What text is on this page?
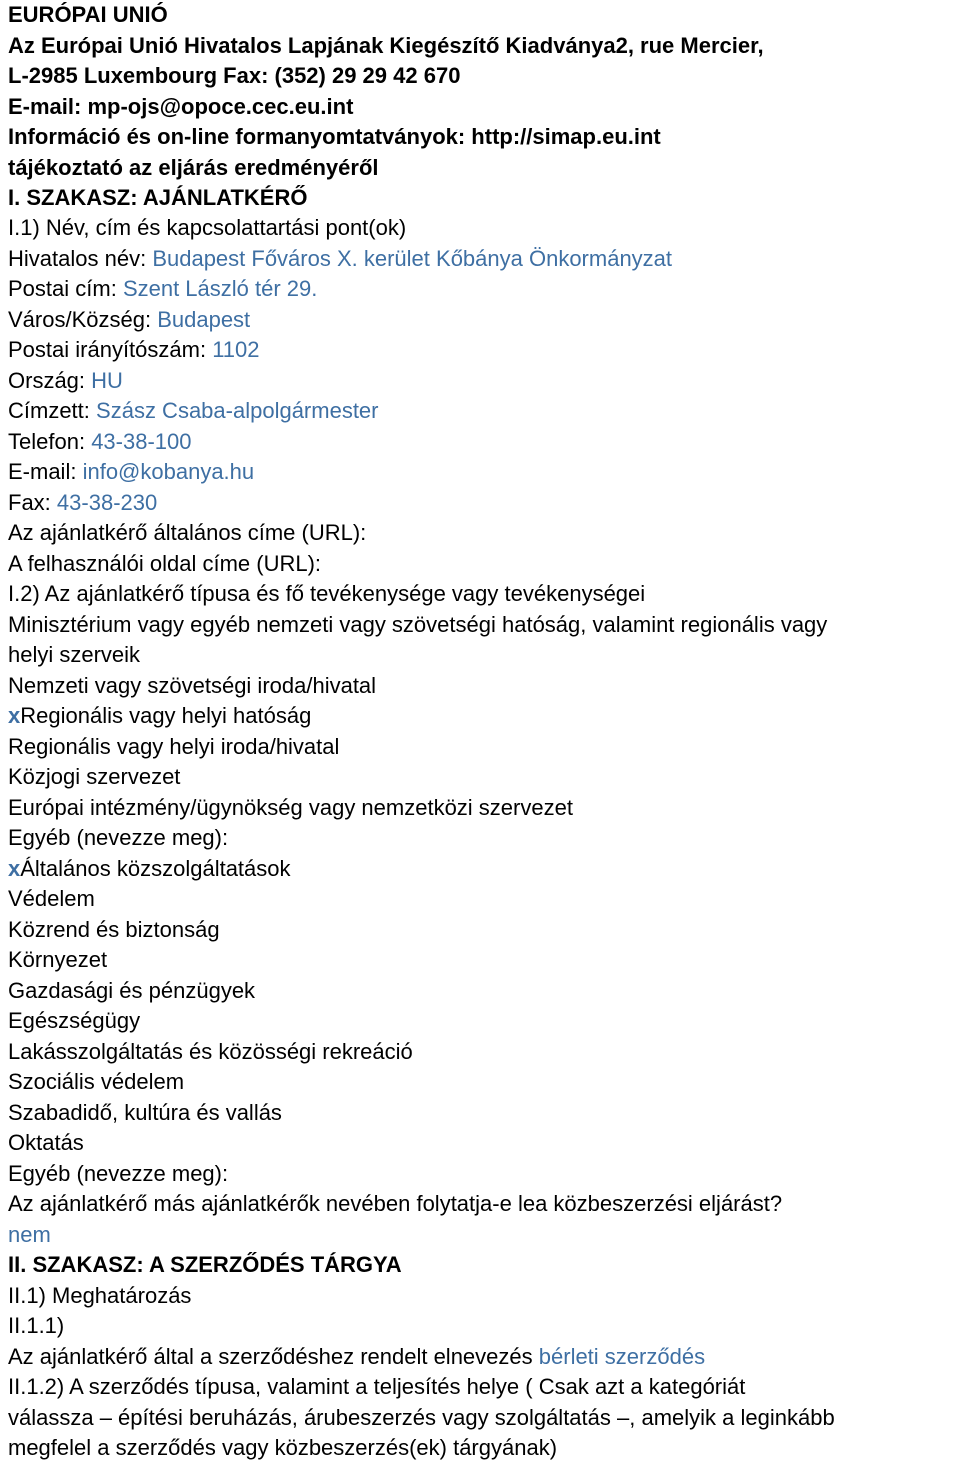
EURÓPAI UNIÓ
Az Európai Unió Hivatalos Lapjának Kiegészítő Kiadványa2, rue Mercier,
L-2985 Luxembourg Fax: (352) 29 29 42 670
E-mail: mp-ojs@opoce.cec.eu.int
Információ és on-line formanyomtatványok: http://simap.eu.int
tájékoztató az eljárás eredményéről
I. SZAKASZ: AJÁNLATKÉRŐ
I.1) Név, cím és kapcsolattartási pont(ok)
Hivatalos név: Budapest Főváros X. kerület Kőbánya Önkormányzat
Postai cím: Szent László tér 29.
Város/Község: Budapest
Postai irányítószám: 1102
Ország: HU
Címzett: Szász Csaba-alpolgármester
Telefon: 43-38-100
E-mail: info@kobanya.hu
Fax: 43-38-230
Az ajánlatkérő általános címe (URL):
A felhasználói oldal címe (URL):
I.2) Az ajánlatkérő típusa és fő tevékenysége vagy tevékenységei
Minisztérium vagy egyéb nemzeti vagy szövetségi hatóság, valamint regionális vagy
helyi szerveik
Nemzeti vagy szövetségi iroda/hivatal
xRegionális vagy helyi hatóság
Regionális vagy helyi iroda/hivatal
Közjogi szervezet
Európai intézmény/ügynökség vagy nemzetközi szervezet
Egyéb (nevezze meg):
xÁltalános közszolgáltatások
Védelem
Közrend és biztonság
Környezet
Gazdasági és pénzügyek
Egészségügy
Lakásszolgáltatás és közösségi rekreáció
Szociális védelem
Szabadidő, kultúra és vallás
Oktatás
Egyéb (nevezze meg):
Az ajánlatkérő más ajánlatkérők nevében folytatja-e lea közbeszerzési eljárást?
nem
II. SZAKASZ: A SZERZŐDÉS TÁRGYA
II.1) Meghatározás
II.1.1)
Az ajánlatkérő által a szerződéshez rendelt elnevezés bérleti szerződés
II.1.2) A szerződés típusa, valamint a teljesítés helye ( Csak azt a kategóriát
válassza – építési beruházás, árubeszerzés vagy szolgáltatás –, amelyik a leginkább
megfelel a szerződés vagy közbeszerzés(ek) tárgyának)
